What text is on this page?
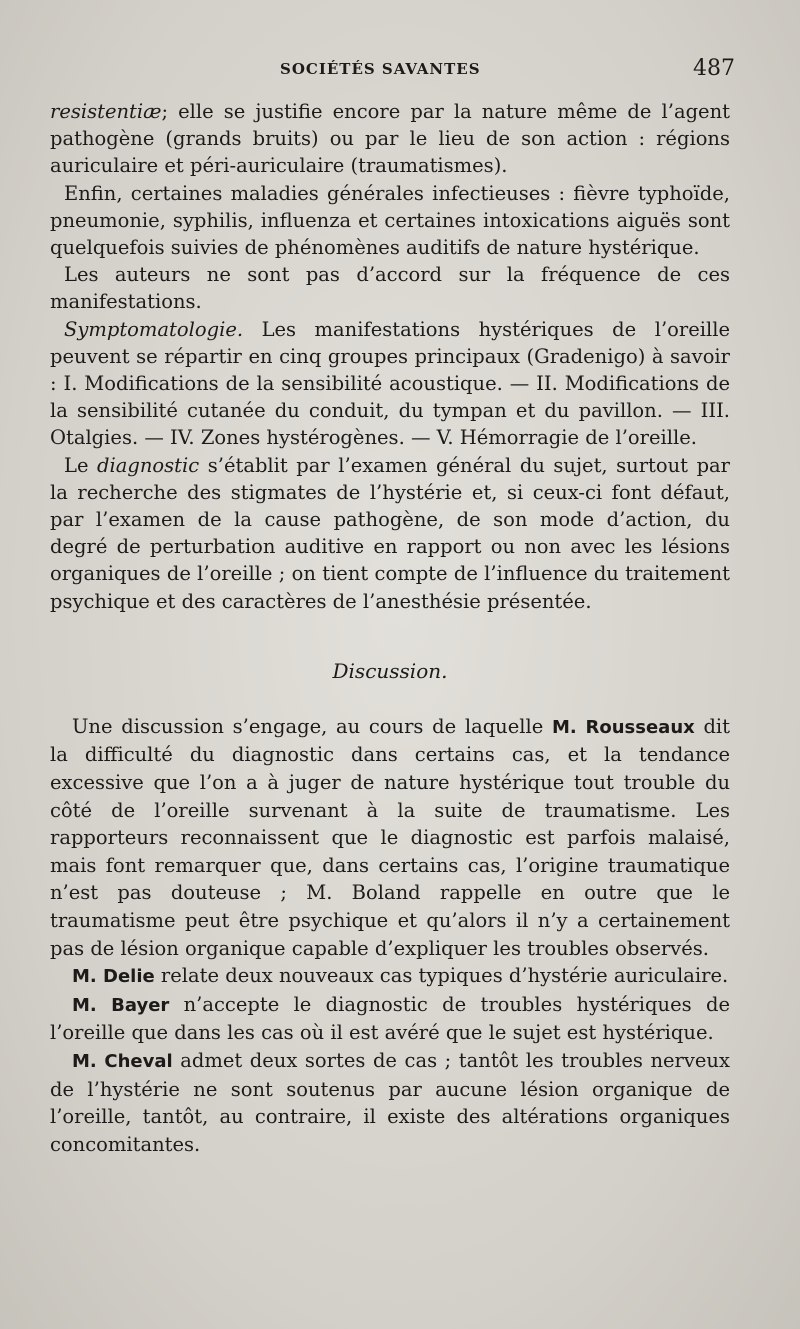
SOCIÉTÉS SAVANTES	487

resistentiæ; elle se justifie encore par la nature même de l’agent pathogène (grands bruits) ou par le lieu de son action : régions auriculaire et péri-auriculaire (traumatismes).

Enfin, certaines maladies générales infectieuses : fièvre typhoïde, pneumonie, syphilis, influenza et certaines intoxications aiguës sont quelquefois suivies de phénomènes auditifs de nature hystérique.

Les auteurs ne sont pas d’accord sur la fréquence de ces manifestations.

Symptomatologie. Les manifestations hystériques de l’oreille peuvent se répartir en cinq groupes principaux (Gradenigo) à savoir : I. Modifications de la sensibilité acoustique. — II. Modifications de la sensibilité cutanée du conduit, du tympan et du pavillon. — III. Otalgies. — IV. Zones hystérogènes. — V. Hémorragie de l’oreille.

Le diagnostic s’établit par l’examen général du sujet, surtout par la recherche des stigmates de l’hystérie et, si ceux-ci font défaut, par l’examen de la cause pathogène, de son mode d’action, du degré de perturbation auditive en rapport ou non avec les lésions organiques de l’oreille ; on tient compte de l’influence du traitement psychique et des caractères de l’anesthésie présentée.

Discussion.

Une discussion s’engage, au cours de laquelle M. Rousseaux dit la difficulté du diagnostic dans certains cas, et la tendance excessive que l’on a à juger de nature hystérique tout trouble du côté de l’oreille survenant à la suite de traumatisme. Les rapporteurs reconnaissent que le diagnostic est parfois malaisé, mais font remarquer que, dans certains cas, l’origine traumatique n’est pas douteuse ; M. Boland rappelle en outre que le traumatisme peut être psychique et qu’alors il n’y a certainement pas de lésion organique capable d’expliquer les troubles observés.

M. Delie relate deux nouveaux cas typiques d’hystérie auriculaire.

M. Bayer n’accepte le diagnostic de troubles hystériques de l’oreille que dans les cas où il est avéré que le sujet est hystérique.

M. Cheval admet deux sortes de cas ; tantôt les troubles nerveux de l’hystérie ne sont soutenus par aucune lésion organique de l’oreille, tantôt, au contraire, il existe des altérations organiques concomitantes.
